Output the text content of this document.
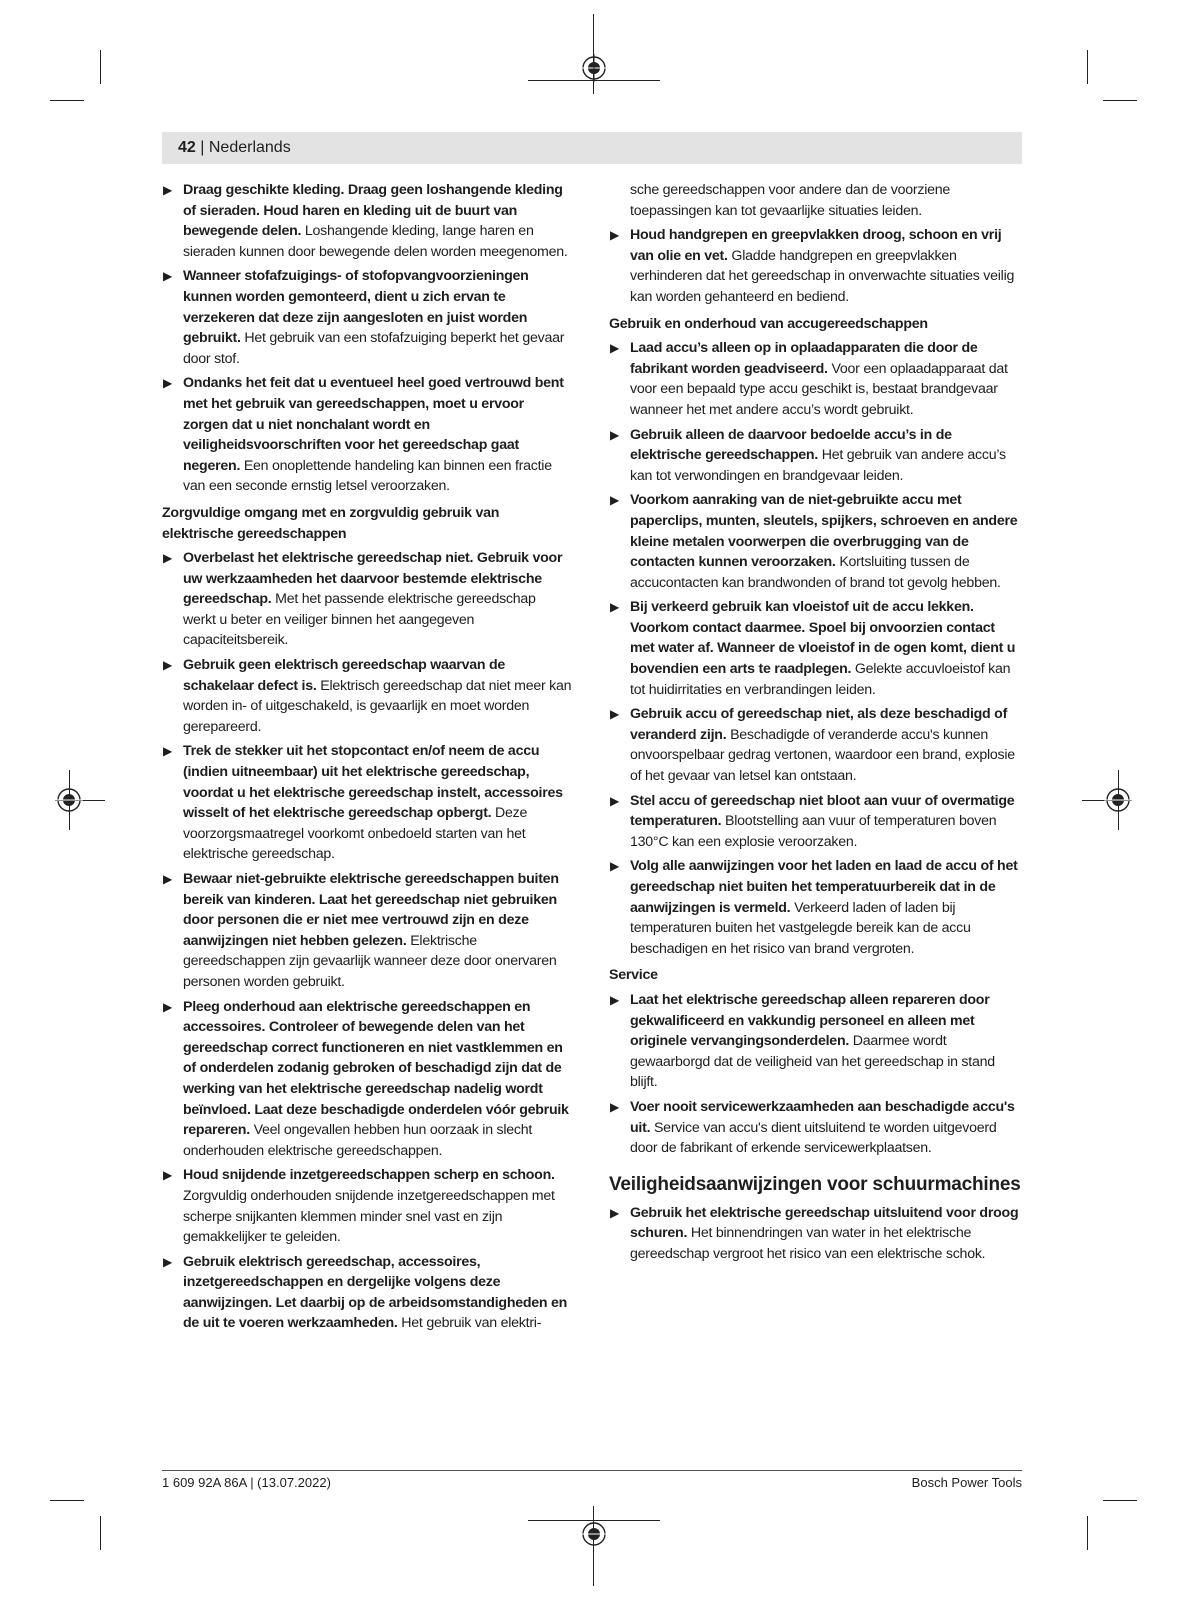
42 | Nederlands
▶ Draag geschikte kleding. Draag geen loshangende kleding of sieraden. Houd haren en kleding uit de buurt van bewegende delen. Loshangende kleding, lange haren en sieraden kunnen door bewegende delen worden meegenomen.
▶ Wanneer stofafzuigings- of stofopvangvoorzieningen kunnen worden gemonteerd, dient u zich ervan te verzekeren dat deze zijn aangesloten en juist worden gebruikt. Het gebruik van een stofafzuiging beperkt het gevaar door stof.
▶ Ondanks het feit dat u eventueel heel goed vertrouwd bent met het gebruik van gereedschappen, moet u ervoor zorgen dat u niet nonchalant wordt en veiligheidsvoorschriften voor het gereedschap gaat negeren. Een onoplettende handeling kan binnen een fractie van een seconde ernstig letsel veroorzaken.
Zorgvuldige omgang met en zorgvuldig gebruik van elektrische gereedschappen
▶ Overbelast het elektrische gereedschap niet. Gebruik voor uw werkzaamheden het daarvoor bestemde elektrische gereedschap. Met het passende elektrische gereedschap werkt u beter en veiliger binnen het aangegeven capaciteitsbereik.
▶ Gebruik geen elektrisch gereedschap waarvan de schakelaar defect is. Elektrisch gereedschap dat niet meer kan worden in- of uitgeschakeld, is gevaarlijk en moet worden gerepareerd.
▶ Trek de stekker uit het stopcontact en/of neem de accu (indien uitneembaar) uit het elektrische gereedschap, voordat u het elektrische gereedschap instelt, accessoires wisselt of het elektrische gereedschap opbergt. Deze voorzorgsmaatregel voorkomt onbedoeld starten van het elektrische gereedschap.
▶ Bewaar niet-gebruikte elektrische gereedschappen buiten bereik van kinderen. Laat het gereedschap niet gebruiken door personen die er niet mee vertrouwd zijn en deze aanwijzingen niet hebben gelezen. Elektrische gereedschappen zijn gevaarlijk wanneer deze door onervaren personen worden gebruikt.
▶ Pleeg onderhoud aan elektrische gereedschappen en accessoires. Controleer of bewegende delen van het gereedschap correct functioneren en niet vastklemmen en of onderdelen zodanig gebroken of beschadigd zijn dat de werking van het elektrische gereedschap nadelig wordt beïnvloed. Laat deze beschadigde onderdelen vóór gebruik repareren. Veel ongevallen hebben hun oorzaak in slecht onderhouden elektrische gereedschappen.
▶ Houd snijdende inzetgereedschappen scherp en schoon. Zorgvuldig onderhouden snijdende inzetgereedschappen met scherpe snijkanten klemmen minder snel vast en zijn gemakkelijker te geleiden.
▶ Gebruik elektrisch gereedschap, accessoires, inzetgereedschappen en dergelijke volgens deze aanwijzingen. Let daarbij op de arbeidsomstandigheden en de uit te voeren werkzaamheden. Het gebruik van elektri-
sche gereedschappen voor andere dan de voorziene toepassingen kan tot gevaarlijke situaties leiden.
▶ Houd handgrepen en greepvlakken droog, schoon en vrij van olie en vet. Gladde handgrepen en greepvlakken verhinderen dat het gereedschap in onverwachte situaties veilig kan worden gehanteerd en bediend.
Gebruik en onderhoud van accugereedschappen
▶ Laad accu’s alleen op in oplaadapparaten die door de fabrikant worden geadviseerd. Voor een oplaadapparaat dat voor een bepaald type accu geschikt is, bestaat brandgevaar wanneer het met andere accu’s wordt gebruikt.
▶ Gebruik alleen de daarvoor bedoelde accu’s in de elektrische gereedschappen. Het gebruik van andere accu’s kan tot verwondingen en brandgevaar leiden.
▶ Voorkom aanraking van de niet-gebruikte accu met paperclips, munten, sleutels, spijkers, schroeven en andere kleine metalen voorwerpen die overbrugging van de contacten kunnen veroorzaken. Kortsluiting tussen de accucontacten kan brandwonden of brand tot gevolg hebben.
▶ Bij verkeerd gebruik kan vloeistof uit de accu lekken. Voorkom contact daarmee. Spoel bij onvoorzien contact met water af. Wanneer de vloeistof in de ogen komt, dient u bovendien een arts te raadplegen. Gelekte accuvloeistof kan tot huidirritaties en verbrandingen leiden.
▶ Gebruik accu of gereedschap niet, als deze beschadigd of veranderd zijn. Beschadigde of veranderde accu's kunnen onvoorspelbaar gedrag vertonen, waardoor een brand, explosie of het gevaar van letsel kan ontstaan.
▶ Stel accu of gereedschap niet bloot aan vuur of overmatige temperaturen. Blootstelling aan vuur of temperaturen boven 130°C kan een explosie veroorzaken.
▶ Volg alle aanwijzingen voor het laden en laad de accu of het gereedschap niet buiten het temperatuurbereik dat in de aanwijzingen is vermeld. Verkeerd laden of laden bij temperaturen buiten het vastgelegde bereik kan de accu beschadigen en het risico van brand vergroten.
Service
▶ Laat het elektrische gereedschap alleen repareren door gekwalificeerd en vakkundig personeel en alleen met originele vervangingsonderdelen. Daarmee wordt gewaarborgd dat de veiligheid van het gereedschap in stand blijft.
▶ Voer nooit servicewerkzaamheden aan beschadigde accu's uit. Service van accu's dient uitsluitend te worden uitgevoerd door de fabrikant of erkende servicewerkplaatsen.
Veiligheidsaanwijzingen voor schuurmachines
▶ Gebruik het elektrische gereedschap uitsluitend voor droog schuren. Het binnendringen van water in het elektrische gereedschap vergroot het risico van een elektrische schok.
1 609 92A 86A | (13.07.2022)	Bosch Power Tools
